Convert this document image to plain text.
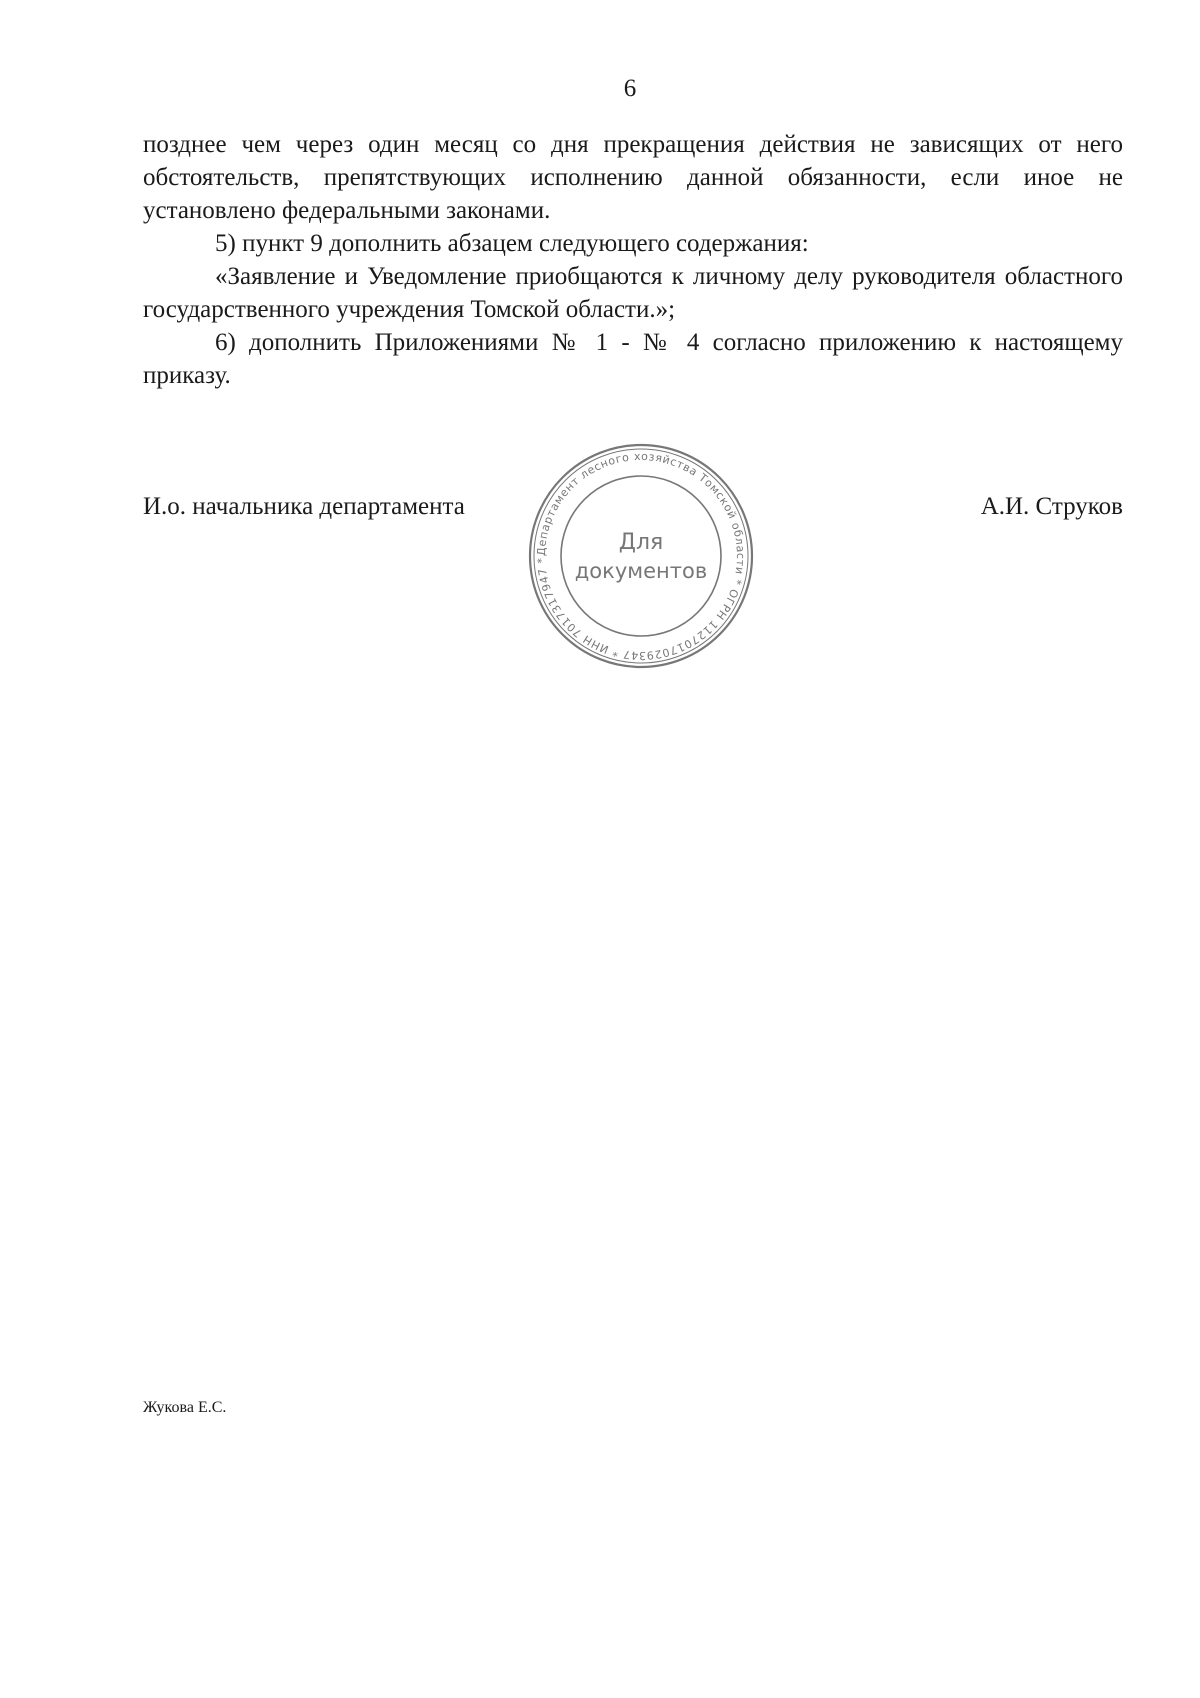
6

позднее чем через один месяц со дня прекращения действия не зависящих от него обстоятельств, препятствующих исполнению данной обязанности, если иное не установлено федеральными законами.

5) пункт 9 дополнить абзацем следующего содержания:

«Заявление и Уведомление приобщаются к личному делу руководителя областного государственного учреждения Томской области.»;

6) дополнить Приложениями № 1 - № 4 согласно приложению к настоящему приказу.

И.о. начальника департамента	А.И. Струков
Департамент лесного хозяйства Томской области * ОГРН 1127017029347 * ИНН 7017317947 *
Для
документов
Жукова Е.С.
